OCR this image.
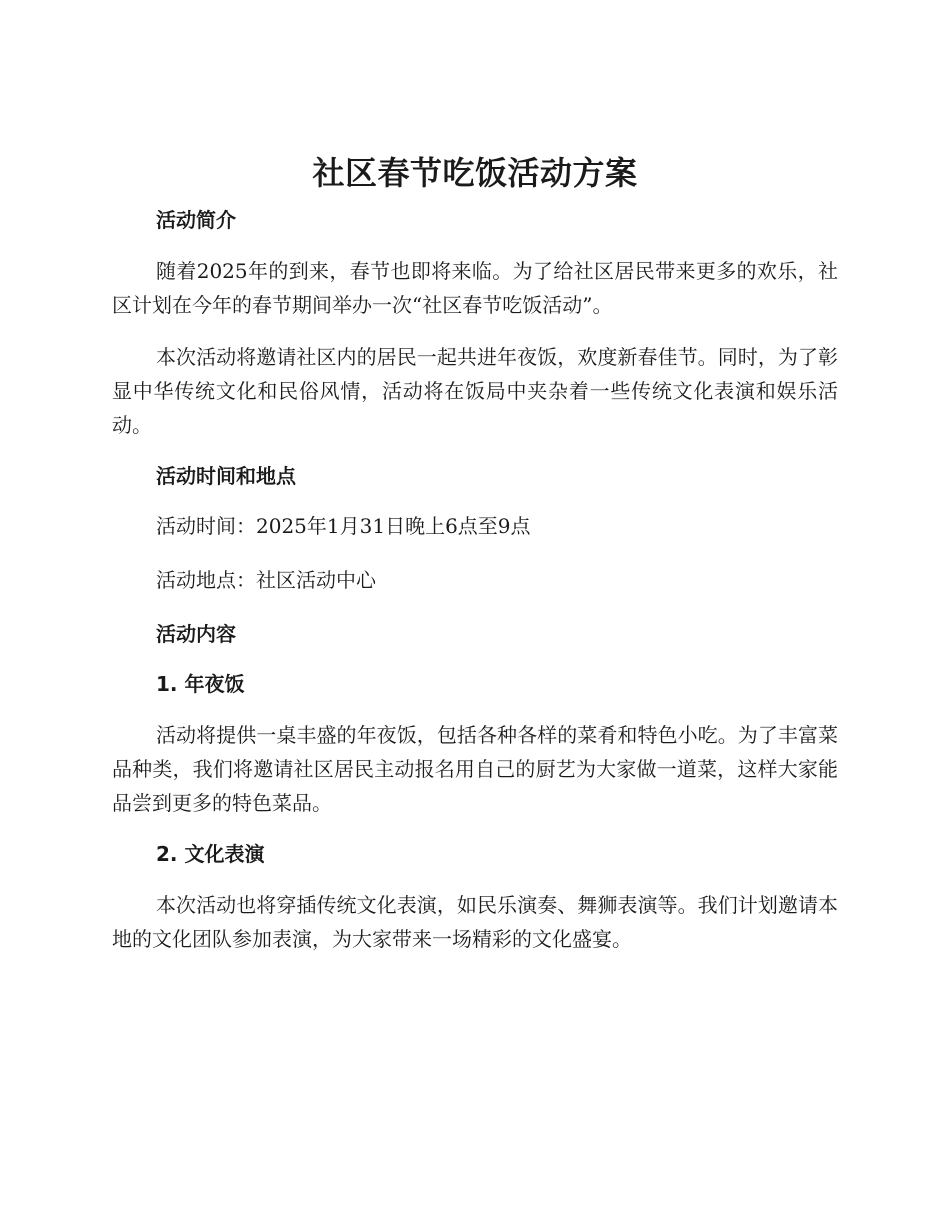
社区春节吃饭活动方案
活动简介

随着2025年的到来，春节也即将来临。为了给社区居民带来更多的欢乐，社区计划在今年的春节期间举办一次“社区春节吃饭活动”。

本次活动将邀请社区内的居民一起共进年夜饭，欢度新春佳节。同时，为了彰显中华传统文化和民俗风情，活动将在饭局中夹杂着一些传统文化表演和娱乐活动。

活动时间和地点
活动时间：2025年1月31日晚上6点至9点
活动地点：社区活动中心
活动内容
1. 年夜饭

活动将提供一桌丰盛的年夜饭，包括各种各样的菜肴和特色小吃。为了丰富菜品种类，我们将邀请社区居民主动报名用自己的厨艺为大家做一道菜，这样大家能品尝到更多的特色菜品。

2. 文化表演

本次活动也将穿插传统文化表演，如民乐演奏、舞狮表演等。我们计划邀请本地的文化团队参加表演，为大家带来一场精彩的文化盛宴。
